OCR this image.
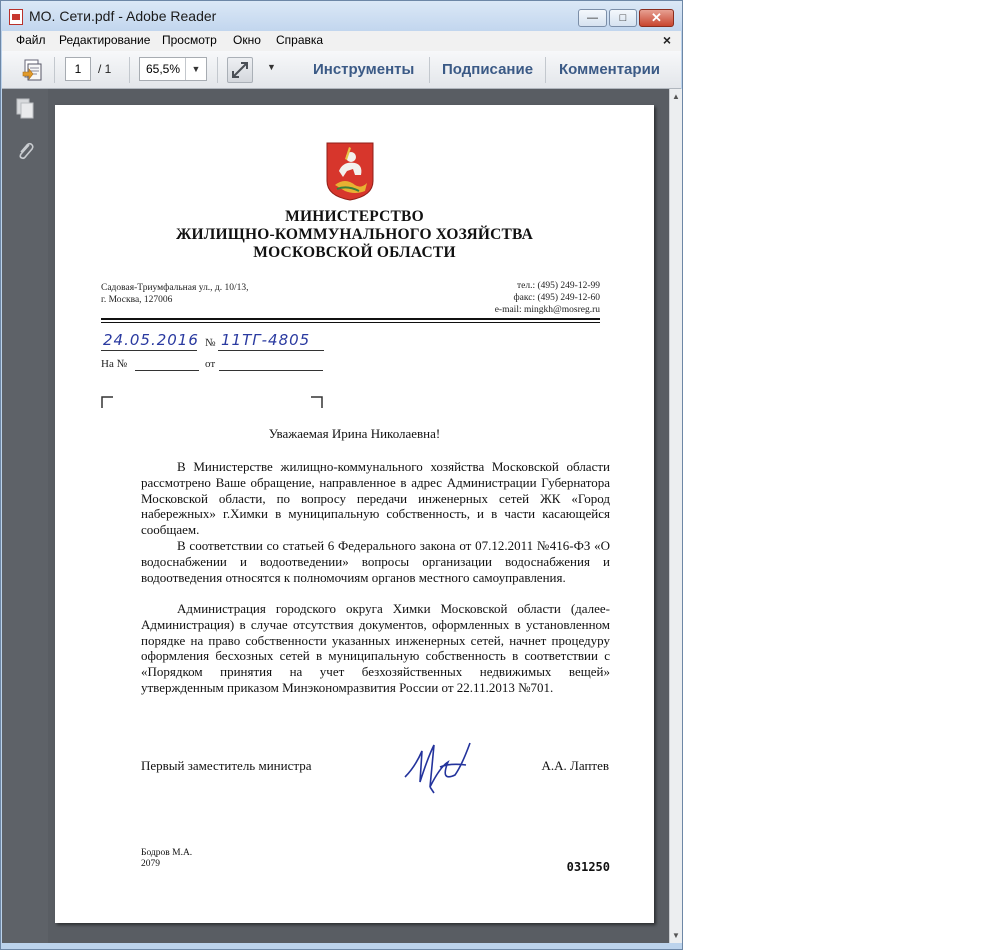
МО. Сети.pdf - Adobe Reader	—	□	✕
Файл Редактирование Просмотр Окно Справка	×
1	/ 1	65,5%	▼	▼ Инструменты Подписание Комментарии
▲
▼
МИНИСТЕРСТВО
ЖИЛИЩНО-КОММУНАЛЬНОГО ХОЗЯЙСТВА
МОСКОВСКОЙ ОБЛАСТИ
Садовая-Триумфальная ул., д. 10/13,
г. Москва, 127006
тел.: (495) 249-12-99
факс: (495) 249-12-60
e-mail: mingkh@mosreg.ru
24.05.2016 № 11ТГ-4805
На №	от
Уважаемая Ирина Николаевна!
В Министерстве жилищно-коммунального хозяйства Московской области рассмотрено Ваше обращение, направленное в адрес Администрации Губернатора Московской области, по вопросу передачи инженерных сетей ЖК «Город набережных» г.Химки в муниципальную собственность, и в части касающейся сообщаем.
В соответствии со статьей 6 Федерального закона от 07.12.2011 №416-ФЗ «О водоснабжении и водоотведении» вопросы организации водоснабжения и водоотведения относятся к полномочиям органов местного самоуправления.
Администрация городского округа Химки Московской области (далее-Администрация) в случае отсутствия документов, оформленных в установленном порядке на право собственности указанных инженерных сетей, начнет процедуру оформления бесхозных сетей в муниципальную собственность в соответствии с «Порядком принятия на учет безхозяйственных недвижимых вещей» утвержденным приказом Минэкономразвития России от 22.11.2013 №701.
Первый заместитель министра	А.А. Лаптев
Бодров М.А.
2079	031250
